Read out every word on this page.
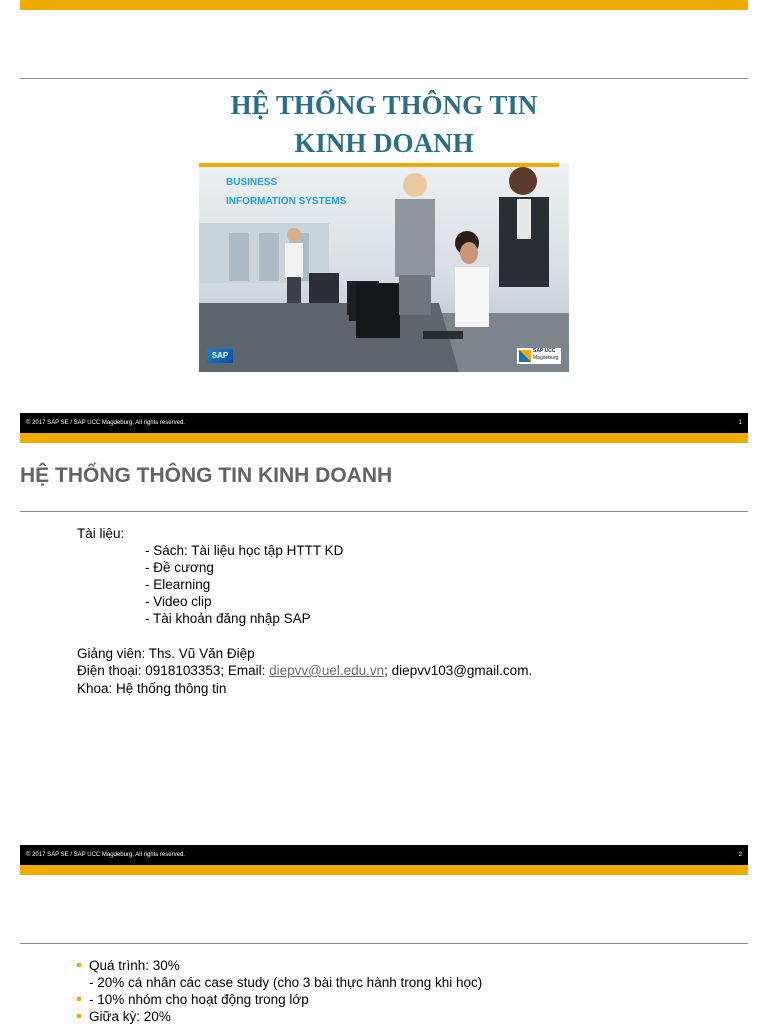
HỆ THỐNG THÔNG TIN
KINH DOANH
BUSINESS
INFORMATION SYSTEMS
SAP	SAP UCC
Magdeburg
© 2017 SAP SE / SAP UCC Magdeburg. All rights reserved.	1
HỆ THỐNG THÔNG TIN KINH DOANH
Tài liệu:
- Sách: Tài liệu học tập HTTT KD
- Đề cương
- Elearning
- Video clip
- Tài khoản đăng nhập SAP
Giảng viên: Ths. Vũ Văn Điệp
Điện thoại: 0918103353; Email: diepvv@uel.edu.vn; diepvv103@gmail.com.
Khoa: Hệ thống thông tin
© 2017 SAP SE / SAP UCC Magdeburg. All rights reserved.	2
Quá trình: 30%
- 20% cá nhân các case study (cho 3 bài thực hành trong khi học)
- 10% nhóm cho hoạt động trong lớp
Giữa kỳ: 20%
